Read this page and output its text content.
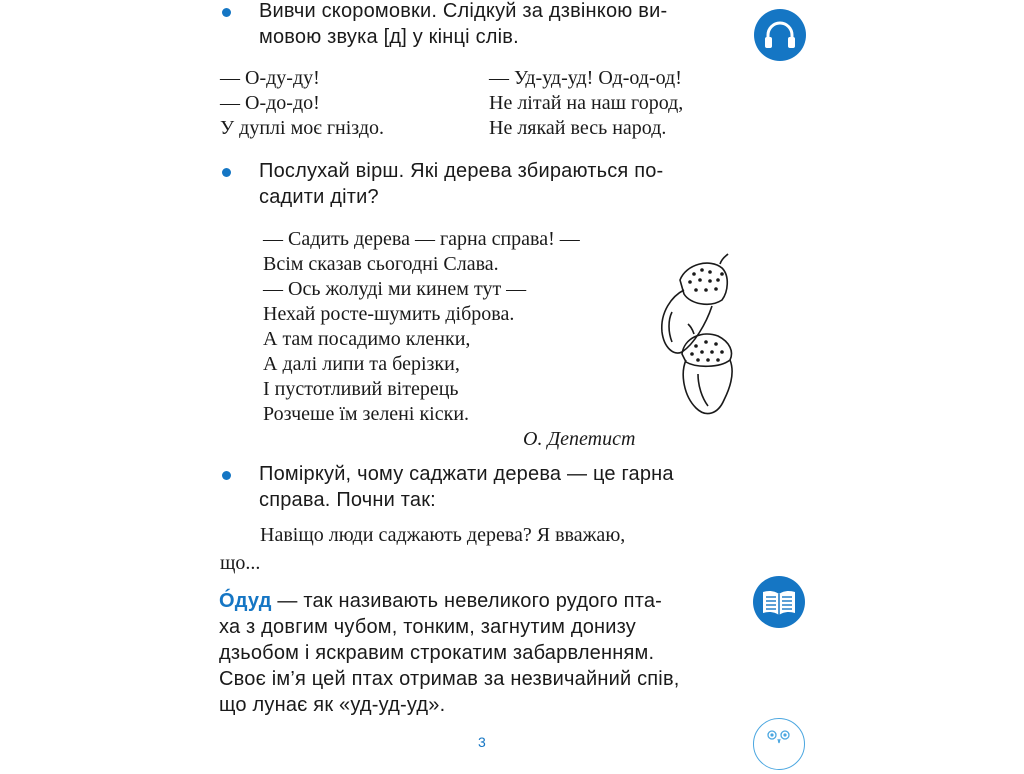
Вивчи скоромовки. Слідкуй за дзвінкою ви-
мовою звука [д] у кінці слів.
— О-ду-ду!
— О-до-до!
У дуплі моє гніздо.
— Уд-уд-уд! Од-од-од!
Не літай на наш город,
Не лякай весь народ.
Послухай вірш. Які дерева збираються по-
садити діти?
— Садить дерева — гарна справа! —
Всім сказав сьогодні Слава.
— Ось жолуді ми кинем тут —
Нехай росте-шумить діброва.
А там посадимо кленки,
А далі липи та берізки,
І пустотливий вітерець
Розчеше їм зелені кіски.
О. Депетист
Поміркуй, чому саджати дерева — це гарна
справа. Почни так:
Навіщо люди саджають дерева? Я вважаю,
що...
Óдуд — так називають невеликого рудого пта-
ха з довгим чубом, тонким, загнутим донизу
дзьобом і яскравим строкатим забарвленням.
Своє ім’я цей птах отримав за незвичайний спів,
що лунає як «уд-уд-уд».
3
